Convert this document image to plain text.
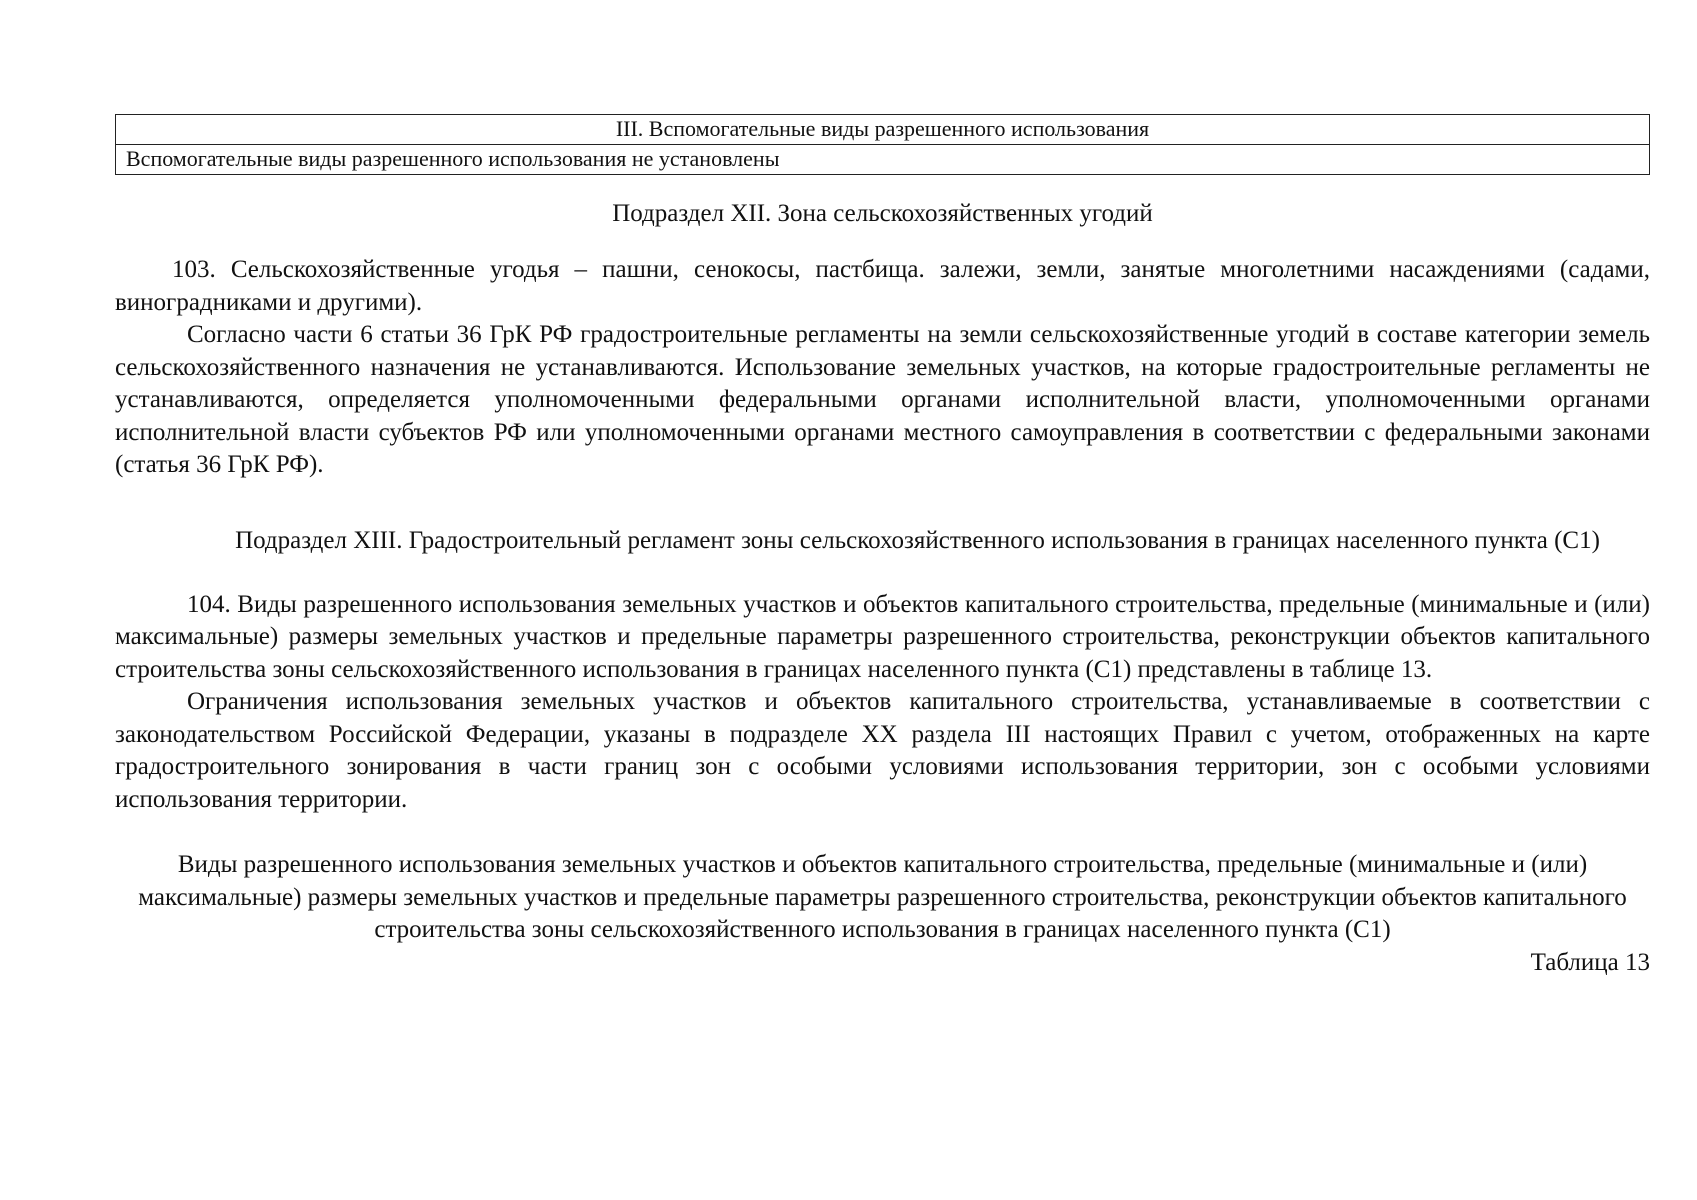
III. Вспомогательные виды разрешенного использования
Вспомогательные виды разрешенного использования не установлены
Подраздел XII. Зона сельскохозяйственных угодий

103. Сельскохозяйственные угодья – пашни, сенокосы, пастбища. залежи, земли, занятые многолетними насаждениями (садами, виноградниками и другими).

Согласно части 6 статьи 36 ГрК РФ градостроительные регламенты на земли сельскохозяйственные угодий в составе категории земель сельскохозяйственного назначения не устанавливаются. Использование земельных участков, на которые градостроительные регламенты не устанавливаются, определяется уполномоченными федеральными органами исполнительной власти, уполномоченными органами исполнительной власти субъектов РФ или уполномоченными органами местного самоуправления в соответствии с федеральными законами (статья 36 ГрК РФ).

Подраздел XIII. Градостроительный регламент зоны сельскохозяйственного использования в границах населенного пункта (С1)

104. Виды разрешенного использования земельных участков и объектов капитального строительства, предельные (минимальные и (или) максимальные) размеры земельных участков и предельные параметры разрешенного строительства, реконструкции объектов капитального строительства зоны сельскохозяйственного использования в границах населенного пункта (С1) представлены в таблице 13.

Ограничения использования земельных участков и объектов капитального строительства, устанавливаемые в соответствии с законодательством Российской Федерации, указаны в подразделе XX раздела III настоящих Правил с учетом, отображенных на карте градостроительного зонирования в части границ зон с особыми условиями использования территории, зон с особыми условиями использования территории.

Виды разрешенного использования земельных участков и объектов капитального строительства, предельные (минимальные и (или) максимальные) размеры земельных участков и предельные параметры разрешенного строительства, реконструкции объектов капитального строительства зоны сельскохозяйственного использования в границах населенного пункта (С1)
Таблица 13
